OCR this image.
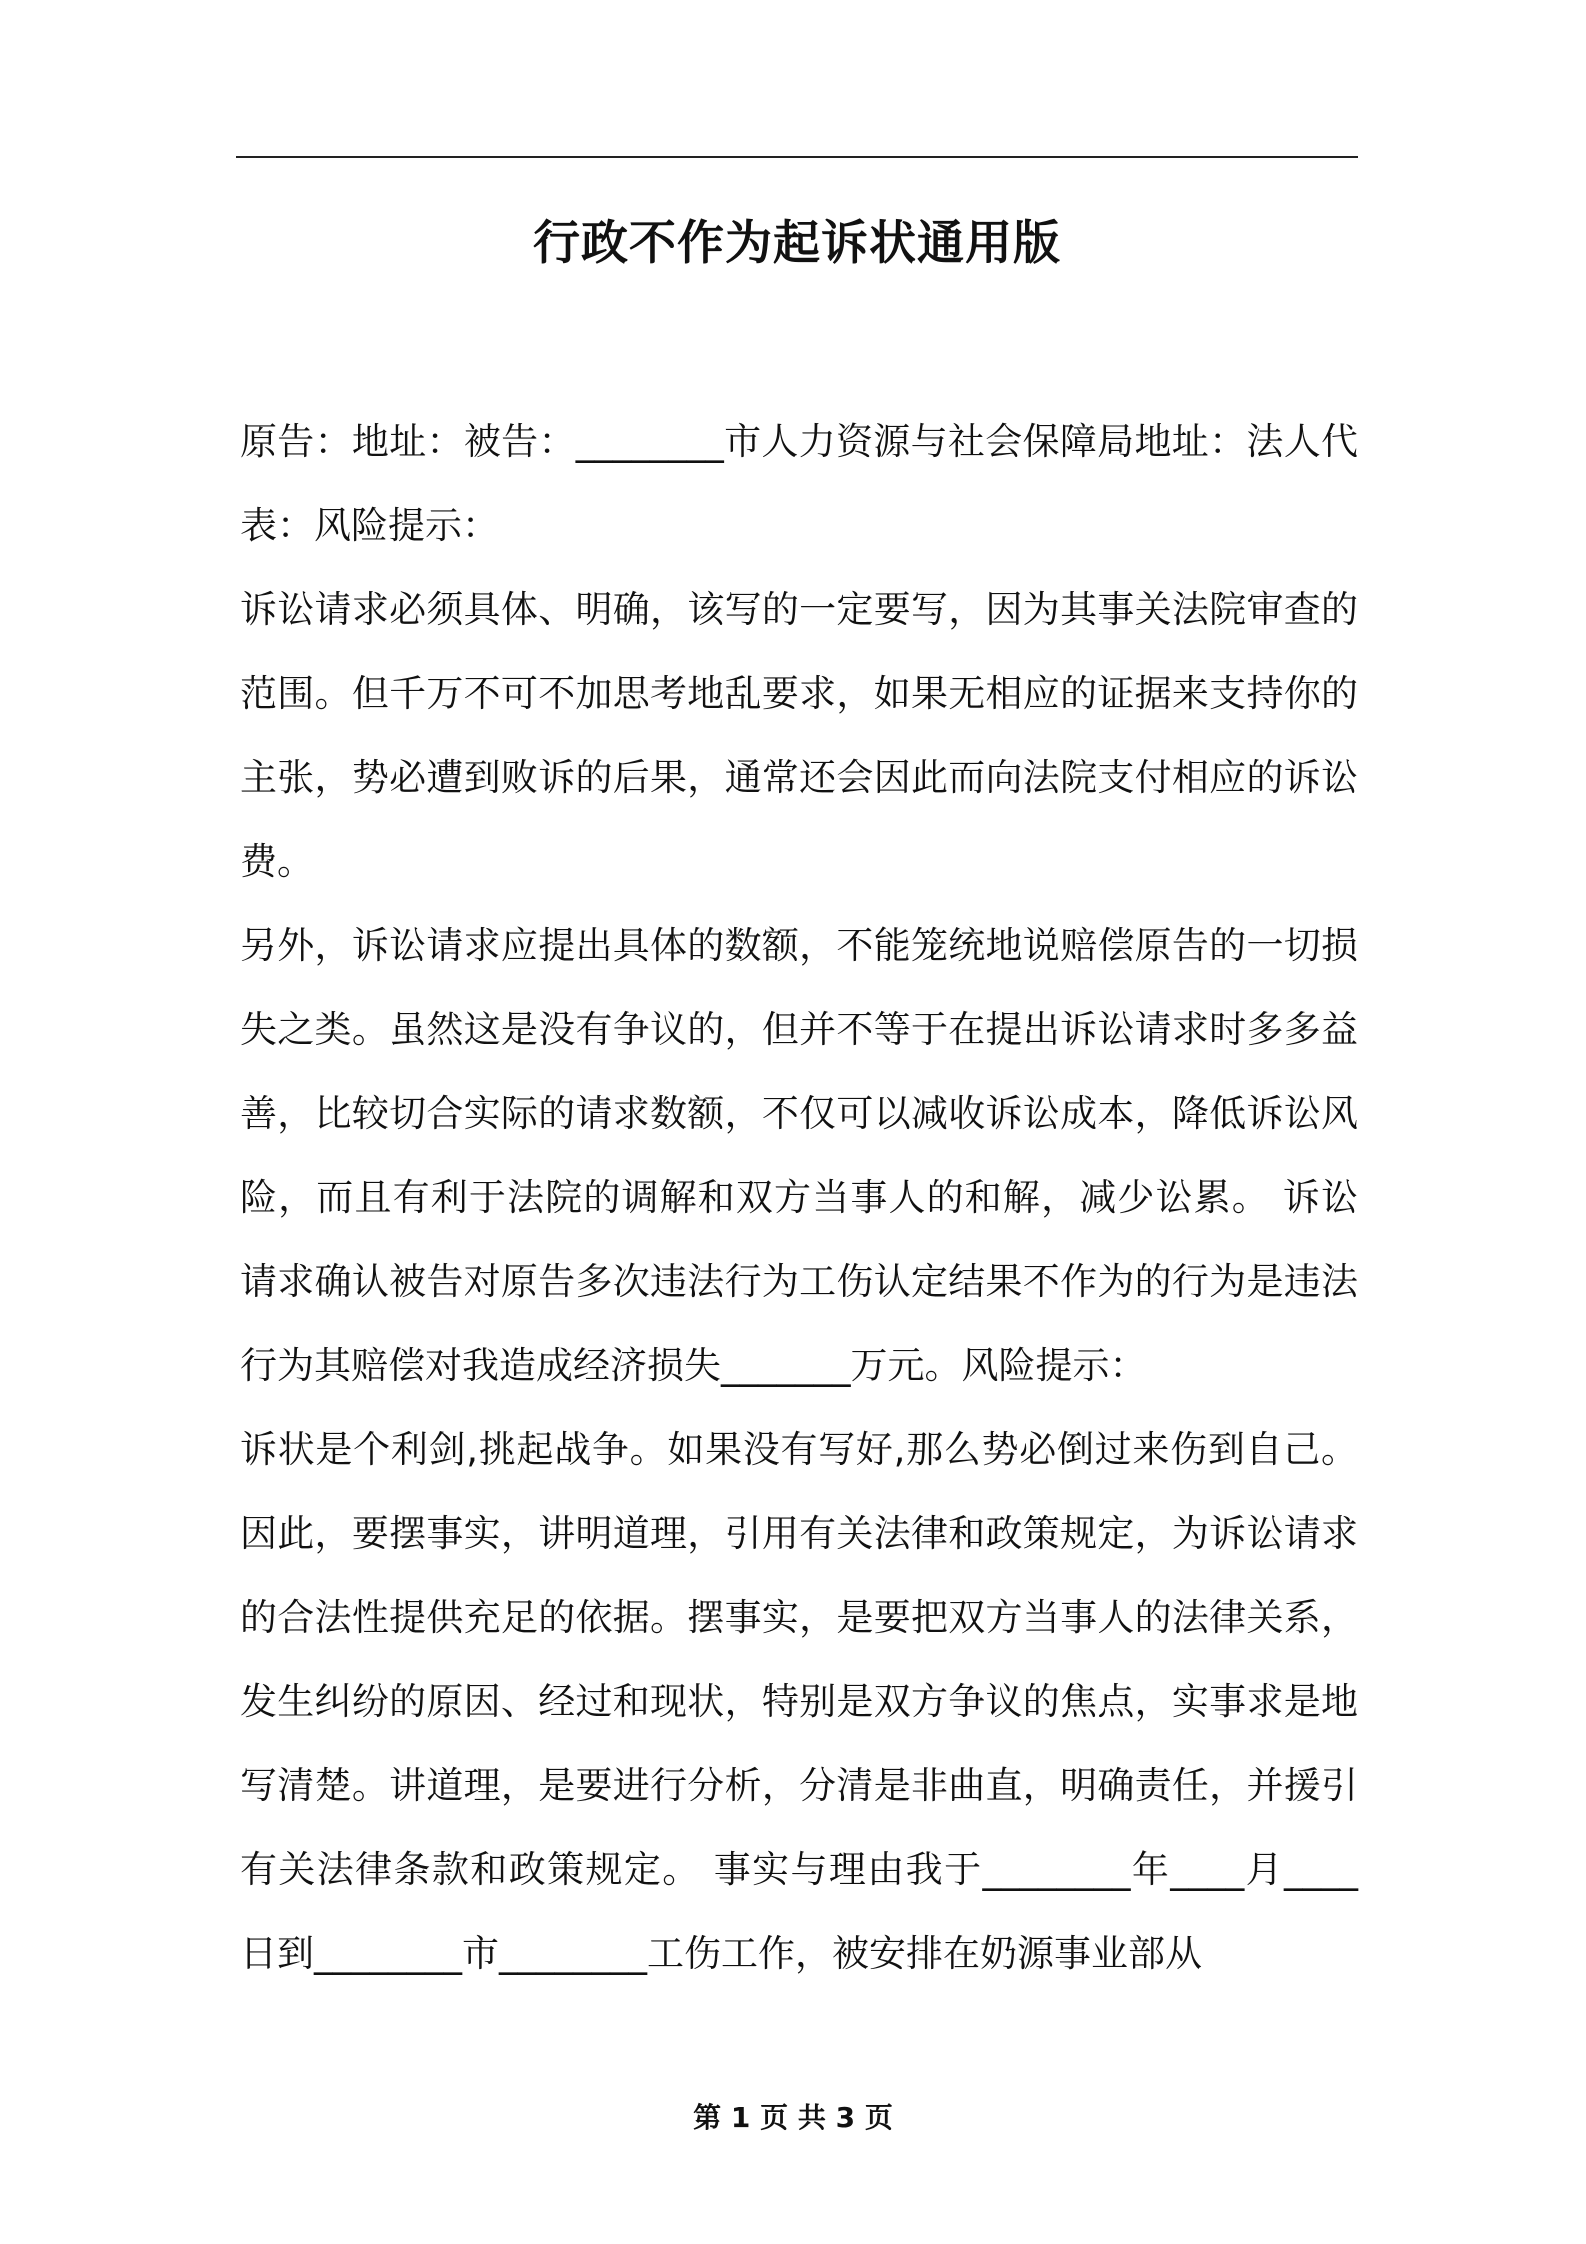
行政不作为起诉状通用版

原告：地址：被告：________市人力资源与社会保障局地址：法人代表：风险提示：

诉讼请求必须具体、明确，该写的一定要写，因为其事关法院审查的范围。但千万不可不加思考地乱要求，如果无相应的证据来支持你的主张，势必遭到败诉的后果，通常还会因此而向法院支付相应的诉讼费。

另外，诉讼请求应提出具体的数额，不能笼统地说赔偿原告的一切损失之类。虽然这是没有争议的，但并不等于在提出诉讼请求时多多益善，比较切合实际的请求数额，不仅可以减收诉讼成本，降低诉讼风险，而且有利于法院的调解和双方当事人的和解，减少讼累。 诉讼请求确认被告对原告多次违法行为工伤认定结果不作为的行为是违法行为其赔偿对我造成经济损失_______万元。风险提示：

诉状是个利剑,挑起战争。如果没有写好,那么势必倒过来伤到自己。因此，要摆事实，讲明道理，引用有关法律和政策规定，为诉讼请求的合法性提供充足的依据。摆事实，是要把双方当事人的法律关系，发生纠纷的原因、经过和现状，特别是双方争议的焦点，实事求是地写清楚。讲道理，是要进行分析，分清是非曲直，明确责任，并援引有关法律条款和政策规定。 事实与理由我于________年____月____日到________市________工伤工作，被安排在奶源事业部从

第 1 页 共 3 页
